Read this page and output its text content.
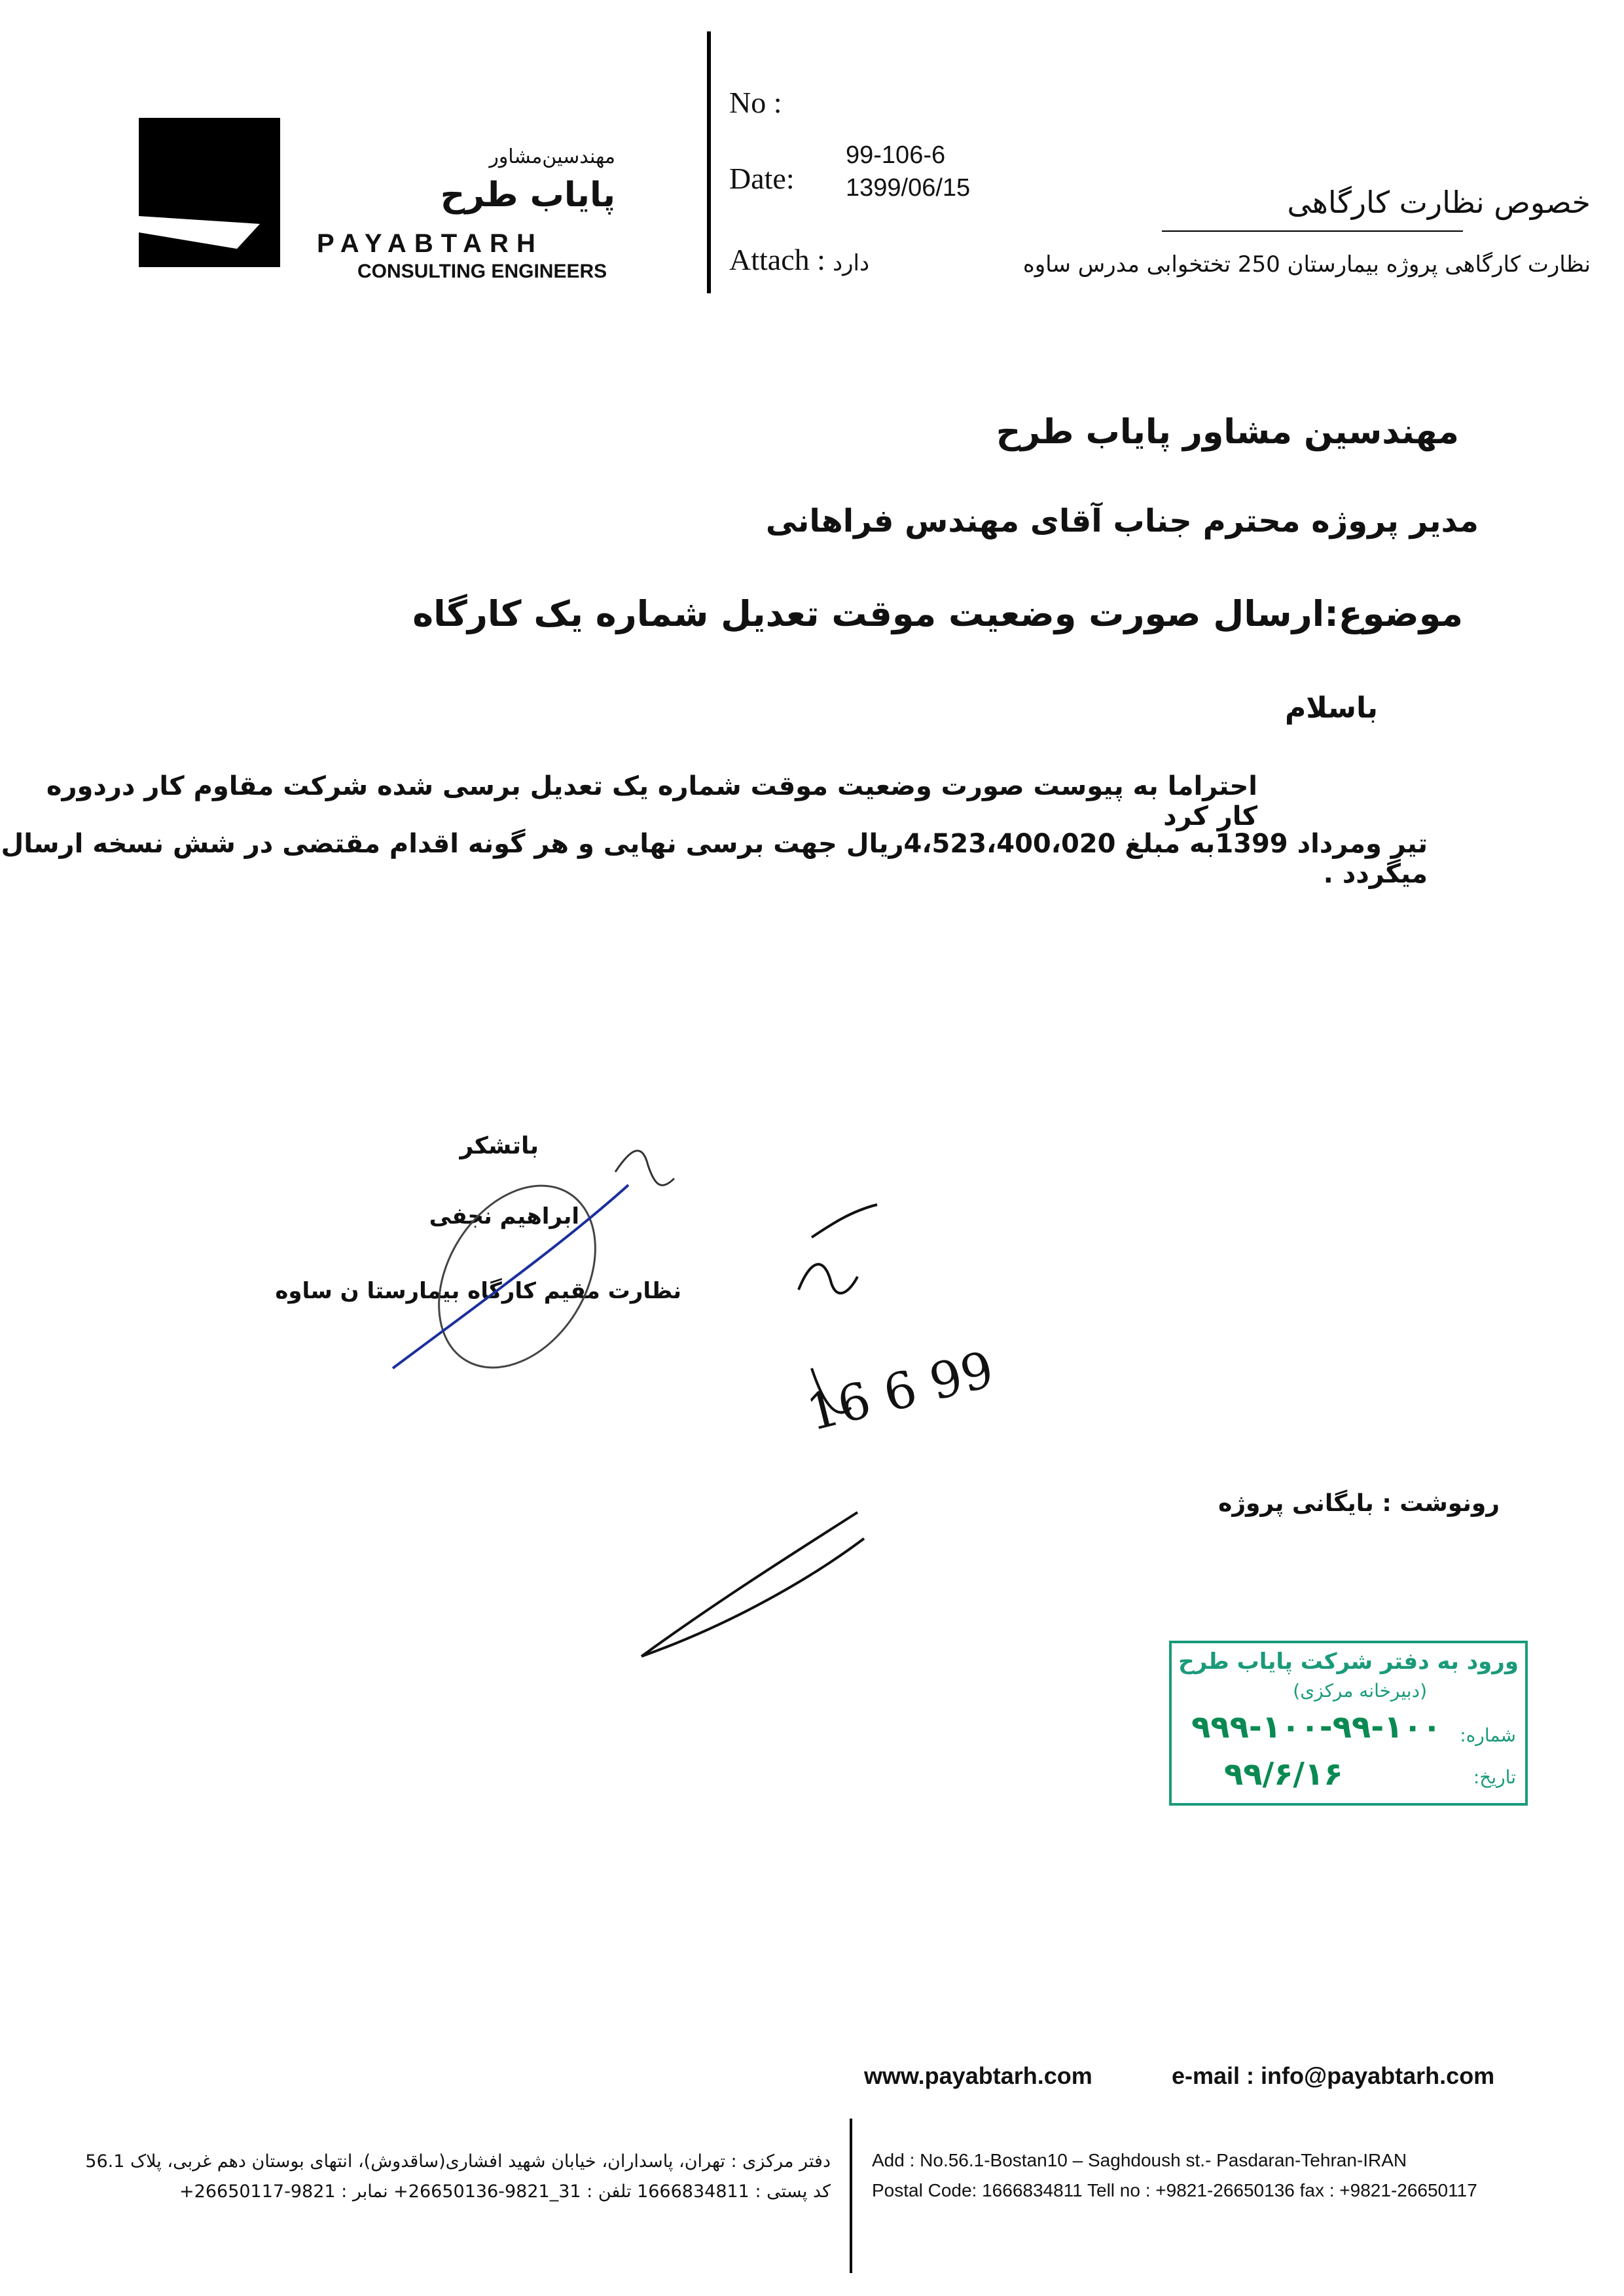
مهندسین‌مشاور
پایاب طرح
PAYABTARH
CONSULTING ENGINEERS
No :
Date:
99-106-6
1399/06/15
Attach : دارد
خصوص نظارت کارگاهی
نظارت کارگاهی پروژه بیمارستان 250 تختخوابی مدرس ساوه
مهندسین مشاور پایاب طرح
مدیر پروژه محترم جناب آقای مهندس فراهانی
موضوع:ارسال صورت وضعیت موقت تعدیل شماره یک کارگاه
باسلام
احتراما به پیوست صورت وضعیت موقت شماره یک تعدیل برسی شده شرکت مقاوم کار دردوره کار کرد
تیر ومرداد 1399به مبلغ 4،523،400،020ریال جهت برسی نهایی و هر گونه اقدام مقتضی در شش نسخه ارسال میگردد .
باتشکر
ابراهیم نجفی
نظارت مقیم کارگاه بیمارستا ن ساوه
16 6 99
رونوشت : بایگانی پروژه
ورود به دفتر شرکت پایاب طرح
(دبیرخانه مرکزی)
شماره:
۹۹۹-۱۰۰-۹۹-۱۰۰
تاریخ:
۹۹/۶/۱۶
www.payabtarh.com	e-mail : info@payabtarh.com
Add : No.56.1-Bostan10 – Saghdoush st.- Pasdaran-Tehran-IRAN
Postal Code: 1666834811 Tell no : +9821-26650136 fax : +9821-26650117
دفتر مرکزی : تهران، پاسداران، خیابان شهید افشاری(ساقدوش)، انتهای بوستان دهم غربی، پلاک 56.1
کد پستی : 1666834811 تلفن : 31_9821-26650136+ نمابر : 9821-26650117+
